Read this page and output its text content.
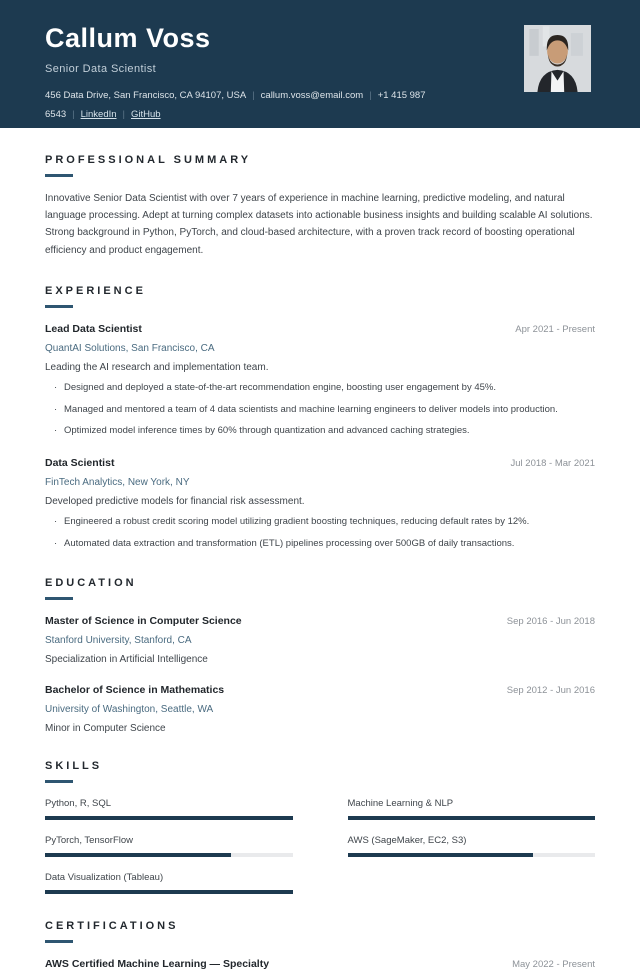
Callum Voss
Senior Data Scientist
456 Data Drive, San Francisco, CA 94107, USA | callum.voss@email.com | +1 415 987 6543 | LinkedIn | GitHub
PROFESSIONAL SUMMARY

Innovative Senior Data Scientist with over 7 years of experience in machine learning, predictive modeling, and natural language processing. Adept at turning complex datasets into actionable business insights and building scalable AI solutions. Strong background in Python, PyTorch, and cloud-based architecture, with a proven track record of boosting operational efficiency and product engagement.

EXPERIENCE
Lead Data Scientist	Apr 2021 - Present
QuantAI Solutions, San Francisco, CA
Leading the AI research and implementation team.
· Designed and deployed a state-of-the-art recommendation engine, boosting user engagement by 45%.
· Managed and mentored a team of 4 data scientists and machine learning engineers to deliver models into production.
· Optimized model inference times by 60% through quantization and advanced caching strategies.
Data Scientist	Jul 2018 - Mar 2021
FinTech Analytics, New York, NY
Developed predictive models for financial risk assessment.
· Engineered a robust credit scoring model utilizing gradient boosting techniques, reducing default rates by 12%.
· Automated data extraction and transformation (ETL) pipelines processing over 500GB of daily transactions.
EDUCATION
Master of Science in Computer Science	Sep 2016 - Jun 2018
Stanford University, Stanford, CA
Specialization in Artificial Intelligence
Bachelor of Science in Mathematics	Sep 2012 - Jun 2016
University of Washington, Seattle, WA
Minor in Computer Science
SKILLS
Python, R, SQL
PyTorch, TensorFlow
Data Visualization (Tableau)
Machine Learning & NLP
AWS (SageMaker, EC2, S3)
CERTIFICATIONS
AWS Certified Machine Learning — Specialty	May 2022 - Present
